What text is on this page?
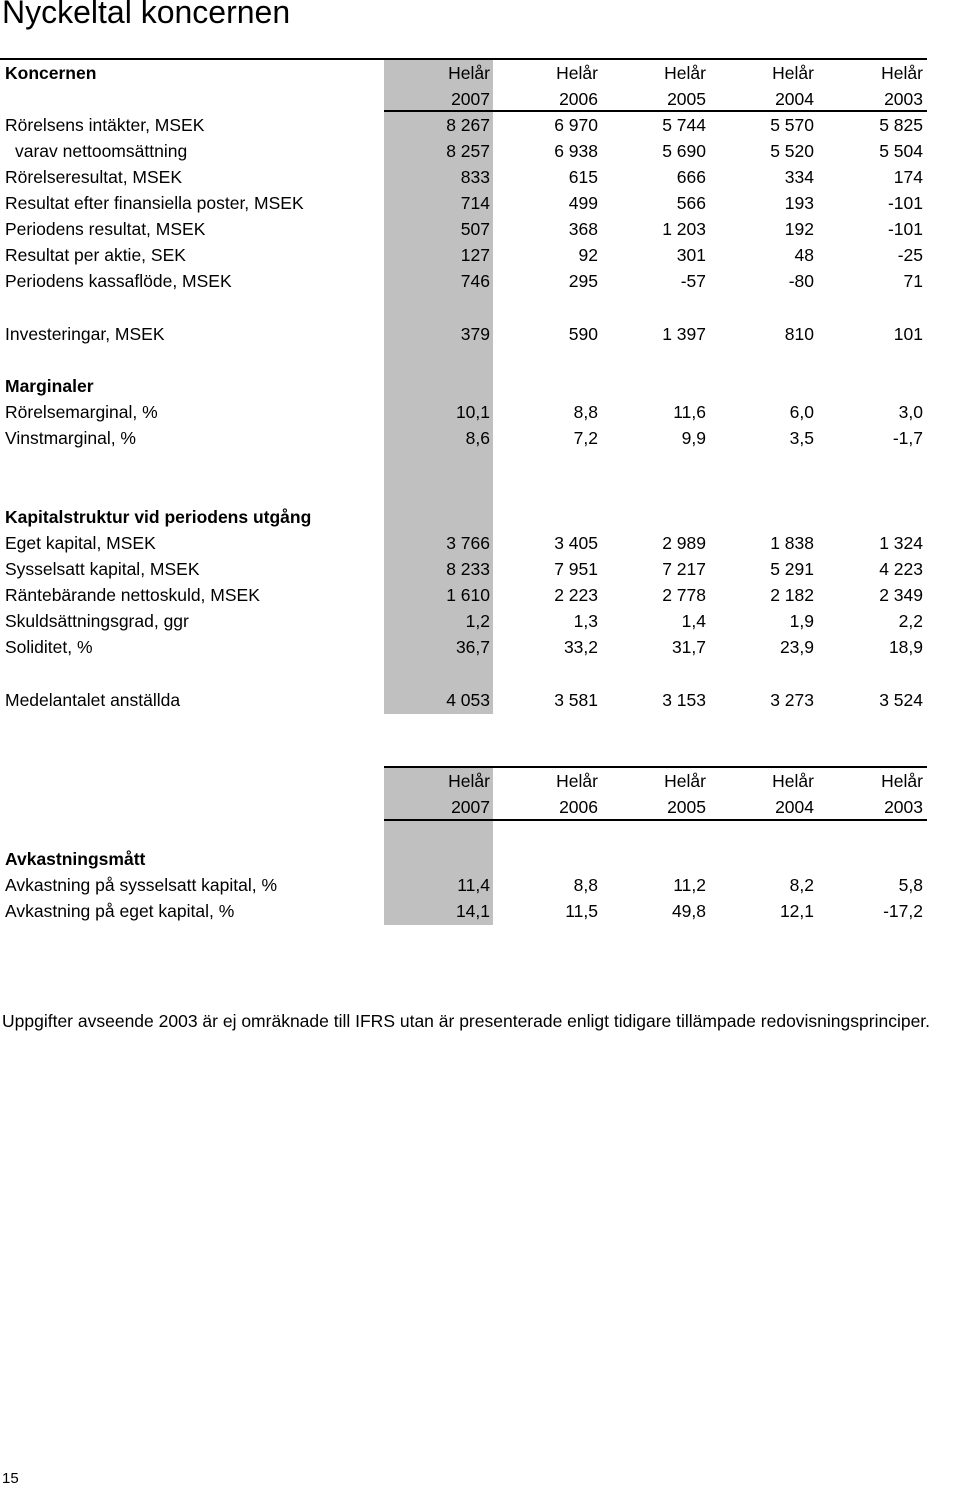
Nyckeltal koncernen
Koncernen	Helår	Helår	Helår	Helår	Helår
2007	2006	2005	2004	2003
Rörelsens intäkter, MSEK	8 267	6 970	5 744	5 570	5 825
varav nettoomsättning	8 257	6 938	5 690	5 520	5 504
Rörelseresultat, MSEK	833	615	666	334	174
Resultat efter finansiella poster, MSEK	714	499	566	193	-101
Periodens resultat, MSEK	507	368	1 203	192	-101
Resultat per aktie, SEK	127	92	301	48	-25
Periodens kassaflöde, MSEK	746	295	-57	-80	71
Investeringar, MSEK	379	590	1 397	810	101
Marginaler
Rörelsemarginal, %	10,1	8,8	11,6	6,0	3,0
Vinstmarginal, %	8,6	7,2	9,9	3,5	-1,7
Kapitalstruktur vid periodens utgång
Eget kapital, MSEK	3 766	3 405	2 989	1 838	1 324
Sysselsatt kapital, MSEK	8 233	7 951	7 217	5 291	4 223
Räntebärande nettoskuld, MSEK	1 610	2 223	2 778	2 182	2 349
Skuldsättningsgrad, ggr	1,2	1,3	1,4	1,9	2,2
Soliditet, %	36,7	33,2	31,7	23,9	18,9
Medelantalet anställda	4 053	3 581	3 153	3 273	3 524
Helår	Helår	Helår	Helår	Helår
2007	2006	2005	2004	2003
Avkastningsmått
Avkastning på sysselsatt kapital, %	11,4	8,8	11,2	8,2	5,8
Avkastning på eget kapital, %	14,1	11,5	49,8	12,1	-17,2
Uppgifter avseende 2003 är ej omräknade till IFRS utan är presenterade enligt tidigare tillämpade redovisningsprinciper.
15
